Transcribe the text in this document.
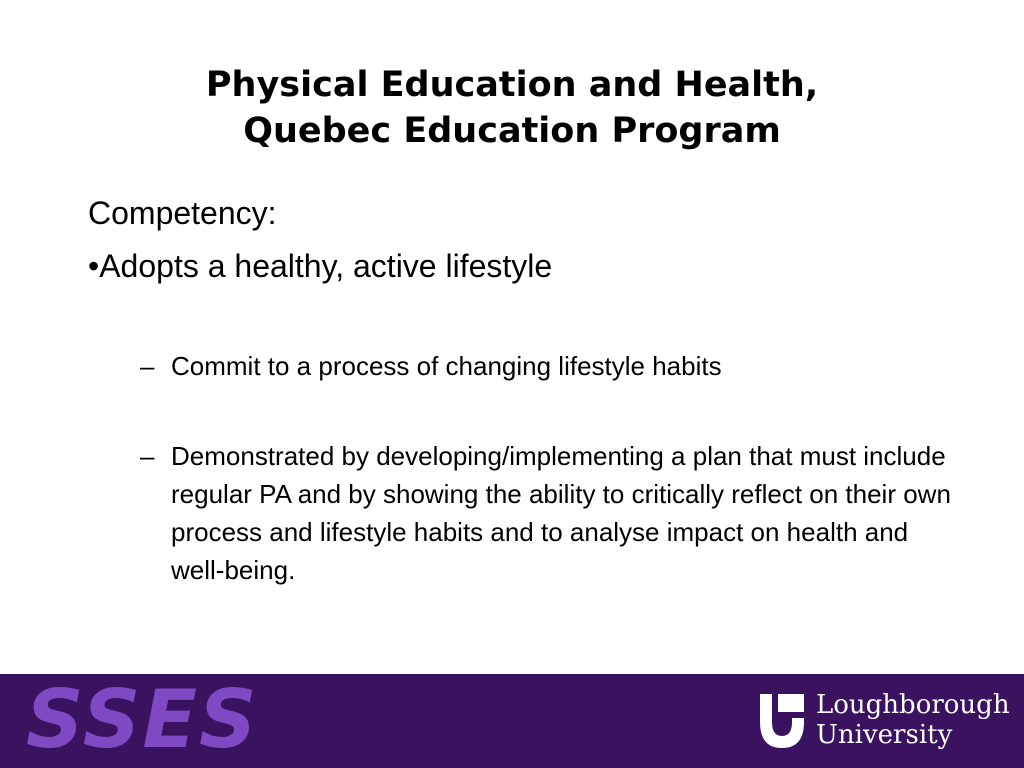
Physical Education and Health,
Quebec Education Program

Competency:

•Adopts a healthy, active lifestyle

– Commit to a process of changing lifestyle habits
– Demonstrated by developing/implementing a plan that must include regular PA and by showing the ability to critically reflect on their own process and lifestyle habits and to analyse impact on health and well-being.
SSES	Loughborough
University
